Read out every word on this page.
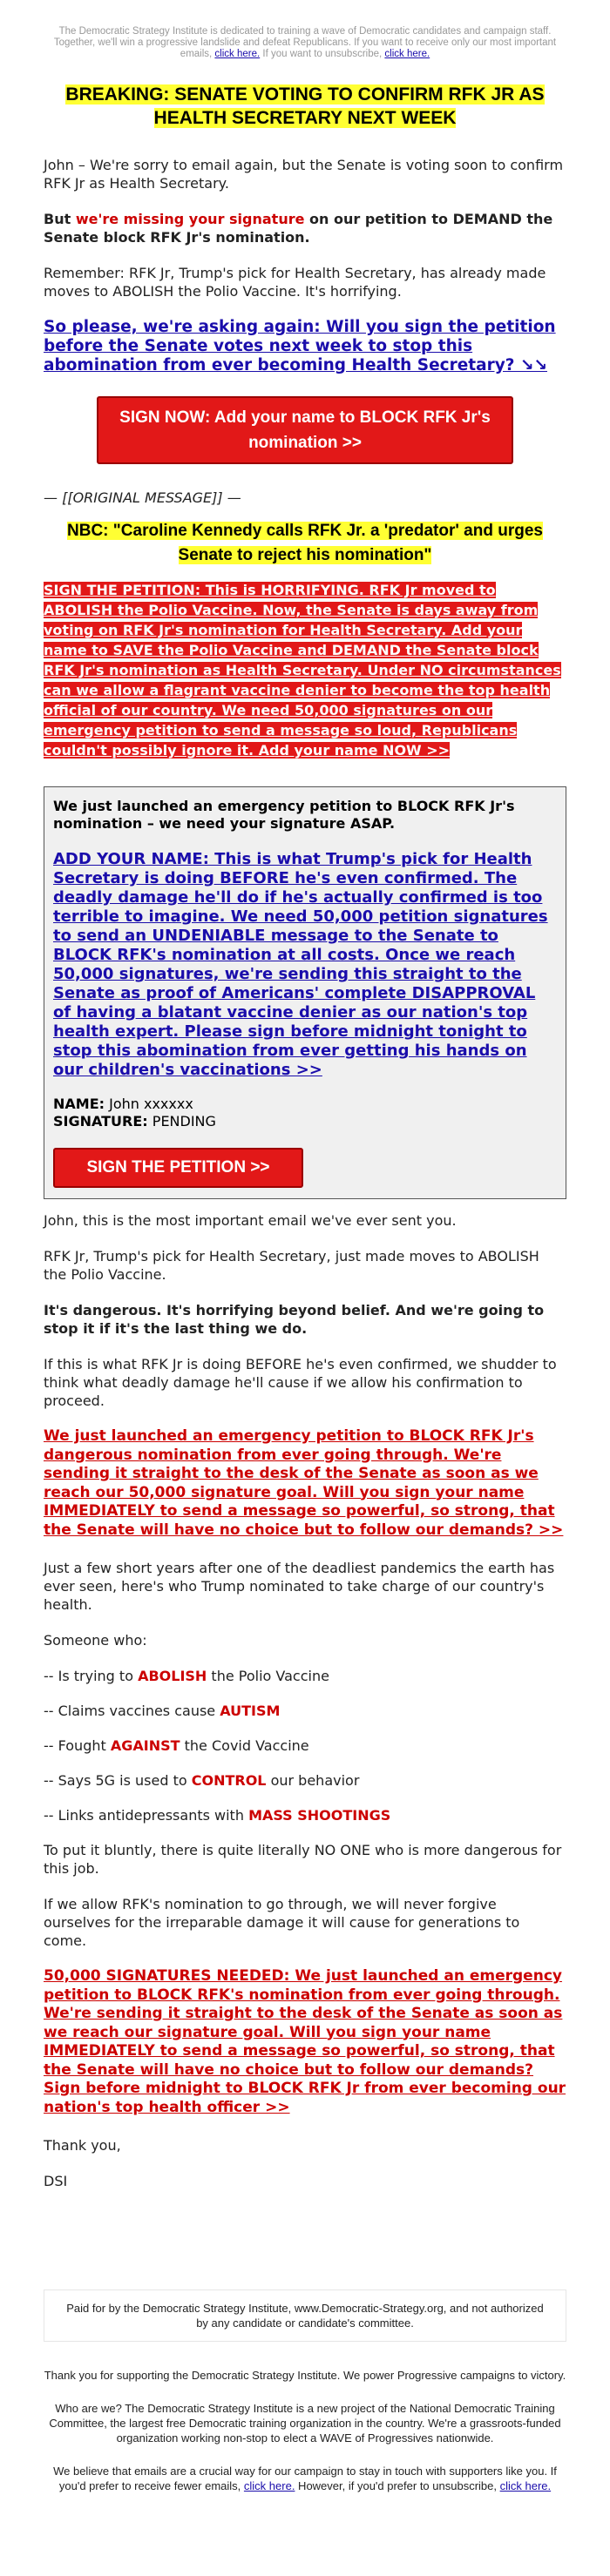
The Democratic Strategy Institute is dedicated to training a wave of Democratic candidates and campaign staff. Together, we'll win a progressive landslide and defeat Republicans. If you want to receive only our most important emails, click here. If you want to unsubscribe, click here.
BREAKING: SENATE VOTING TO CONFIRM RFK JR AS HEALTH SECRETARY NEXT WEEK

John – We're sorry to email again, but the Senate is voting soon to confirm RFK Jr as Health Secretary.

But we're missing your signature on our petition to DEMAND the Senate block RFK Jr's nomination.

Remember: RFK Jr, Trump's pick for Health Secretary, has already made moves to ABOLISH the Polio Vaccine. It's horrifying.

So please, we're asking again: Will you sign the petition before the Senate votes next week to stop this abomination from ever becoming Health Secretary? ↘↘
SIGN NOW: Add your name to BLOCK RFK Jr's nomination >>

— [[ORIGINAL MESSAGE]] —

NBC: "Caroline Kennedy calls RFK Jr. a 'predator' and urges Senate to reject his nomination"
SIGN THE PETITION: This is HORRIFYING. RFK Jr moved to ABOLISH the Polio Vaccine. Now, the Senate is days away from voting on RFK Jr's nomination for Health Secretary. Add your name to SAVE the Polio Vaccine and DEMAND the Senate block RFK Jr's nomination as Health Secretary. Under NO circumstances can we allow a flagrant vaccine denier to become the top health official of our country. We need 50,000 signatures on our emergency petition to send a message so loud, Republicans couldn't possibly ignore it. Add your name NOW >>

We just launched an emergency petition to BLOCK RFK Jr's nomination – we need your signature ASAP.

ADD YOUR NAME: This is what Trump's pick for Health Secretary is doing BEFORE he's even confirmed. The deadly damage he'll do if he's actually confirmed is too terrible to imagine. We need 50,000 petition signatures to send an UNDENIABLE message to the Senate to BLOCK RFK's nomination at all costs. Once we reach 50,000 signatures, we're sending this straight to the Senate as proof of Americans' complete DISAPPROVAL of having a blatant vaccine denier as our nation's top health expert. Please sign before midnight tonight to stop this abomination from ever getting his hands on our children's vaccinations >>

NAME: John xxxxxx

SIGNATURE: PENDING

SIGN THE PETITION >>

John, this is the most important email we've ever sent you.

RFK Jr, Trump's pick for Health Secretary, just made moves to ABOLISH the Polio Vaccine.

It's dangerous. It's horrifying beyond belief. And we're going to stop it if it's the last thing we do.

If this is what RFK Jr is doing BEFORE he's even confirmed, we shudder to think what deadly damage he'll cause if we allow his confirmation to proceed.

We just launched an emergency petition to BLOCK RFK Jr's dangerous nomination from ever going through. We're sending it straight to the desk of the Senate as soon as we reach our 50,000 signature goal. Will you sign your name IMMEDIATELY to send a message so powerful, so strong, that the Senate will have no choice but to follow our demands? >>

Just a few short years after one of the deadliest pandemics the earth has ever seen, here's who Trump nominated to take charge of our country's health.

Someone who:

-- Is trying to ABOLISH the Polio Vaccine

-- Claims vaccines cause AUTISM

-- Fought AGAINST the Covid Vaccine

-- Says 5G is used to CONTROL our behavior

-- Links antidepressants with MASS SHOOTINGS

To put it bluntly, there is quite literally NO ONE who is more dangerous for this job.

If we allow RFK's nomination to go through, we will never forgive ourselves for the irreparable damage it will cause for generations to come.

50,000 SIGNATURES NEEDED: We just launched an emergency petition to BLOCK RFK's nomination from ever going through. We're sending it straight to the desk of the Senate as soon as we reach our signature goal. Will you sign your name IMMEDIATELY to send a message so powerful, so strong, that the Senate will have no choice but to follow our demands? Sign before midnight to BLOCK RFK Jr from ever becoming our nation's top health officer >>

Thank you,

DSI

Paid for by the Democratic Strategy Institute, www.Democratic-Strategy.org, and not authorized by any candidate or candidate's committee.

Thank you for supporting the Democratic Strategy Institute. We power Progressive campaigns to victory.

Who are we? The Democratic Strategy Institute is a new project of the National Democratic Training Committee, the largest free Democratic training organization in the country. We're a grassroots-funded organization working non-stop to elect a WAVE of Progressives nationwide.

We believe that emails are a crucial way for our campaign to stay in touch with supporters like you. If you'd prefer to receive fewer emails, click here. However, if you'd prefer to unsubscribe, click here.
